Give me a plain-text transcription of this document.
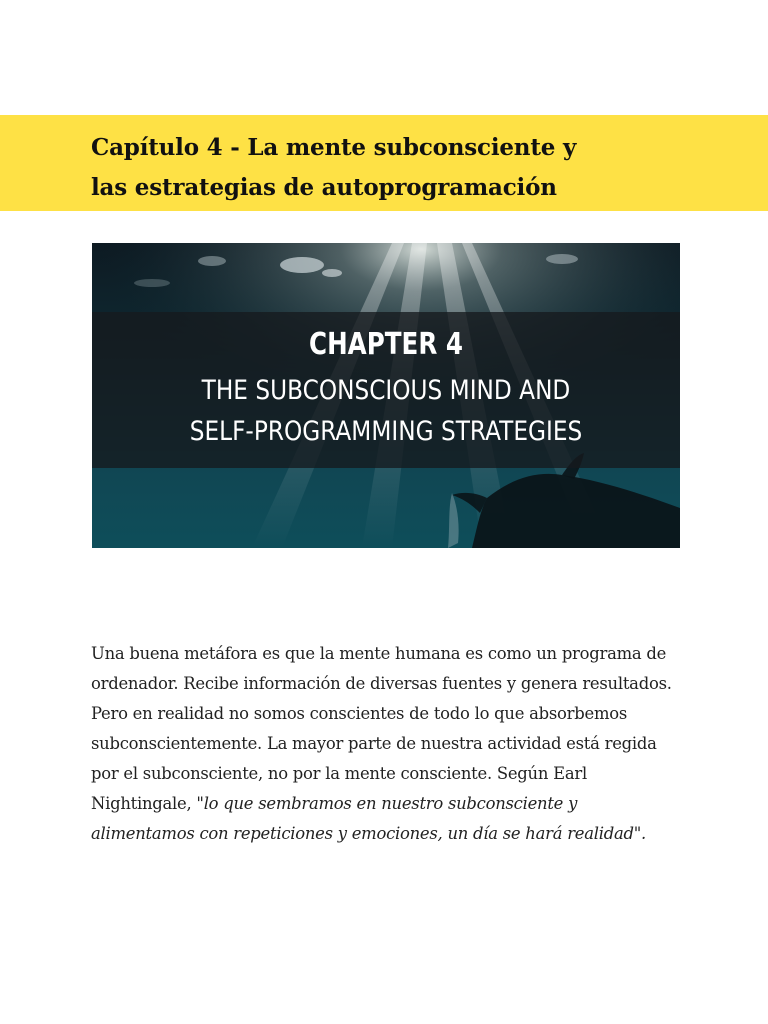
Capítulo 4 - La mente subconsciente y
las estrategias de autoprogramación
CHAPTER 4
THE SUBCONSCIOUS MIND AND
SELF-PROGRAMMING STRATEGIES

Una buena metáfora es que la mente humana es como un programa de ordenador. Recibe información de diversas fuentes y genera resultados. Pero en realidad no somos conscientes de todo lo que absorbemos subconscientemente. La mayor parte de nuestra actividad está regida por el subconsciente, no por la mente consciente. Según Earl Nightingale, "lo que sembramos en nuestro subconsciente y alimentamos con repeticiones y emociones, un día se hará realidad".
